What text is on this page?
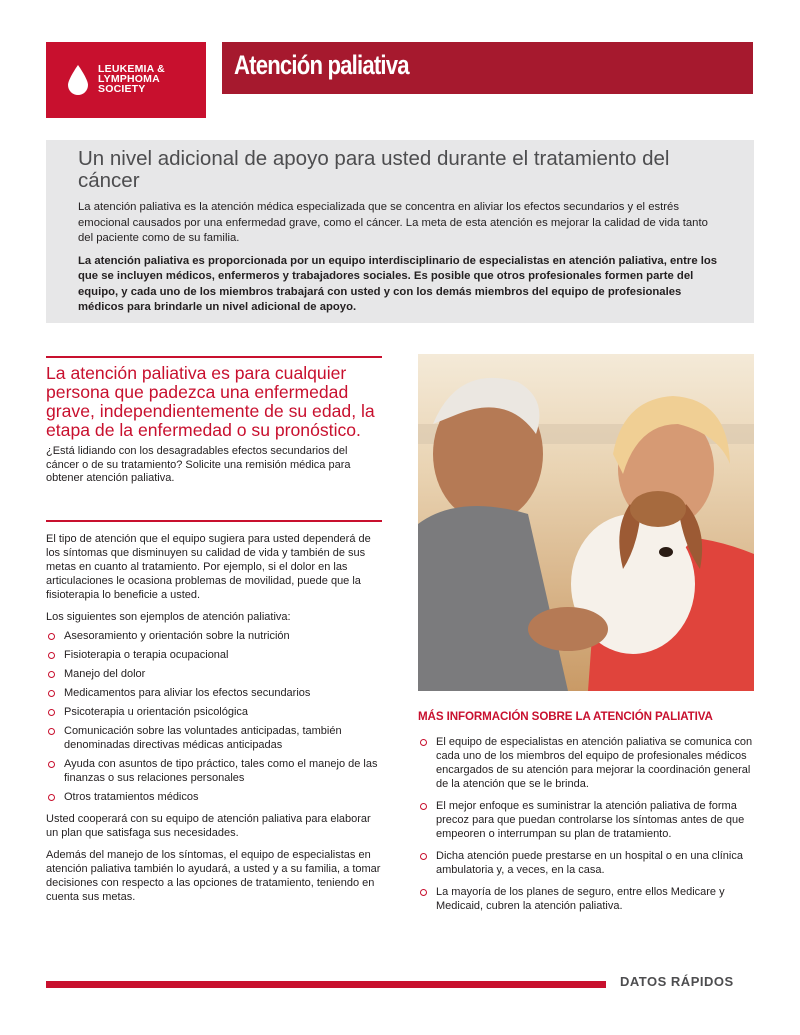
LEUKEMIA &
LYMPHOMA
SOCIETY
Atención paliativa
Un nivel adicional de apoyo para usted durante el tratamiento del cáncer

La atención paliativa es la atención médica especializada que se concentra en aliviar los efectos secundarios y el estrés emocional causados por una enfermedad grave, como el cáncer. La meta de esta atención es mejorar la calidad de vida tanto del paciente como de su familia.

La atención paliativa es proporcionada por un equipo interdisciplinario de especialistas en atención paliativa, entre los que se incluyen médicos, enfermeros y trabajadores sociales. Es posible que otros profesionales formen parte del equipo, y cada uno de los miembros trabajará con usted y con los demás miembros del equipo de profesionales médicos para brindarle un nivel adicional de apoyo.

La atención paliativa es para cualquier persona que padezca una enfermedad grave, independientemente de su edad, la etapa de la enfermedad o su pronóstico.

¿Está lidiando con los desagradables efectos secundarios del cáncer o de su tratamiento? Solicite una remisión médica para obtener atención paliativa.

El tipo de atención que el equipo sugiera para usted dependerá de los síntomas que disminuyen su calidad de vida y también de sus metas en cuanto al tratamiento. Por ejemplo, si el dolor en las articulaciones le ocasiona problemas de movilidad, puede que la fisioterapia lo beneficie a usted.

Los siguientes son ejemplos de atención paliativa:

Asesoramiento y orientación sobre la nutrición
Fisioterapia o terapia ocupacional
Manejo del dolor
Medicamentos para aliviar los efectos secundarios
Psicoterapia u orientación psicológica
Comunicación sobre las voluntades anticipadas, también denominadas directivas médicas anticipadas
Ayuda con asuntos de tipo práctico, tales como el manejo de las finanzas o sus relaciones personales
Otros tratamientos médicos

Usted cooperará con su equipo de atención paliativa para elaborar un plan que satisfaga sus necesidades.

Además del manejo de los síntomas, el equipo de especialistas en atención paliativa también lo ayudará, a usted y a su familia, a tomar decisiones con respecto a las opciones de tratamiento, teniendo en cuenta sus metas.

MÁS INFORMACIÓN SOBRE LA ATENCIÓN PALIATIVA
El equipo de especialistas en atención paliativa se comunica con cada uno de los miembros del equipo de profesionales médicos encargados de su atención para mejorar la coordinación general de la atención que se le brinda.
El mejor enfoque es suministrar la atención paliativa de forma precoz para que puedan controlarse los síntomas antes de que empeoren o interrumpan su plan de tratamiento.
Dicha atención puede prestarse en un hospital o en una clínica ambulatoria y, a veces, en la casa.
La mayoría de los planes de seguro, entre ellos Medicare y Medicaid, cubren la atención paliativa.
DATOS RÁPIDOS
